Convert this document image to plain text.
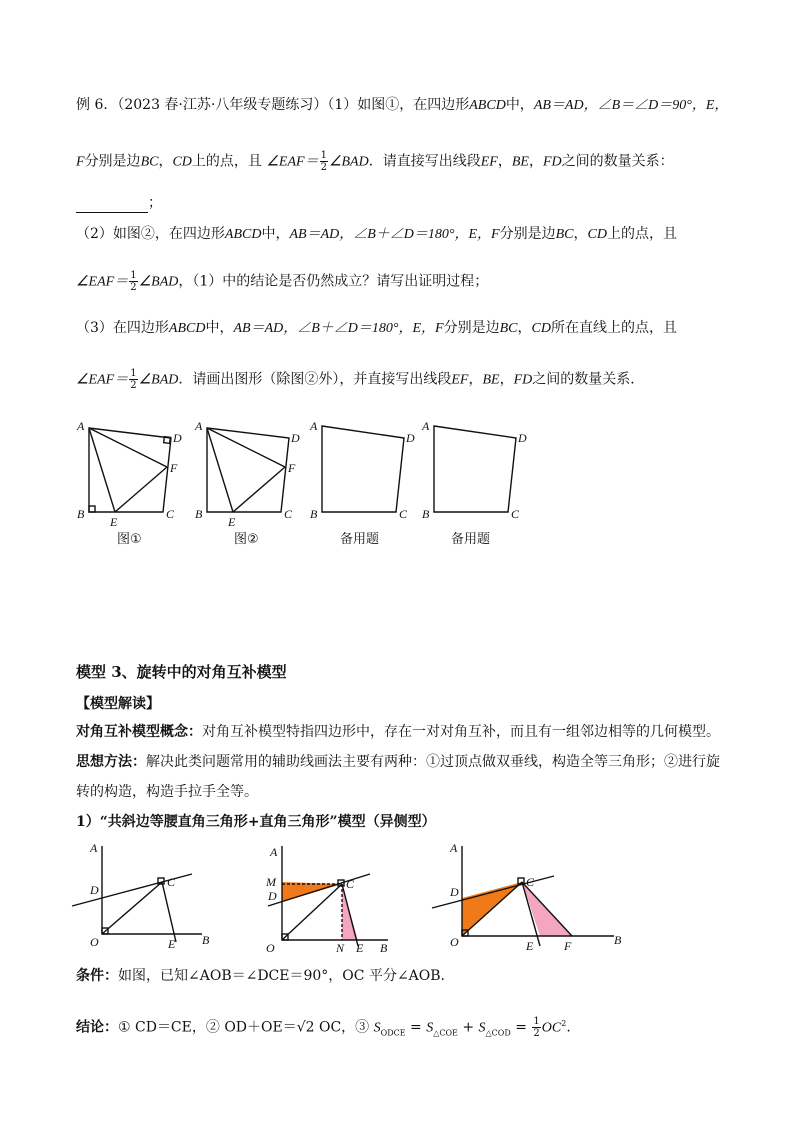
例 6．（2023 春·江苏·八年级专题练习）（1）如图①，在四边形ABCD中，AB＝AD，∠B＝∠D＝90°，E，
F分别是边BC，CD上的点，且 ∠EAF＝ $\frac{1}{2}$ ∠BAD．请直接写出线段EF，BE，FD之间的数量关系：
；
（2）如图②，在四边形ABCD中，AB＝AD，∠B＋∠D＝180°，E，F分别是边BC，CD上的点，且
∠EAF＝ $\frac{1}{2}$ ∠BAD，（1）中的结论是否仍然成立？请写出证明过程；
（3）在四边形ABCD中，AB＝AD，∠B＋∠D＝180°，E，F分别是边BC，CD所在直线上的点，且
∠EAF＝ $\frac{1}{2}$ ∠BAD．请画出图形（除图②外），并直接写出线段EF，BE，FD之间的数量关系．
A
D
F
B
E
C
图①
A
D
F
B
E
C
图②
A
D
B	C
备用题
A
D
B	C
备用题
模型 3、旋转中的对角互补模型
【模型解读】
对角互补模型概念：对角互补模型特指四边形中，存在一对对角互补，而且有一组邻边相等的几何模型。
思想方法：解决此类问题常用的辅助线画法主要有两种：①过顶点做双垂线，构造全等三角形；②进行旋
转的构造，构造手拉手全等。
1）“共斜边等腰直角三角形+直角三角形”模型（异侧型）
A
D
C
O	E B
A
M
D
C
O	N E B
A
D
C
O	E	F	B
条件：如图，已知∠AOB＝∠DCE＝90°，OC 平分∠AOB.
结论：① CD＝CE，② OD＋OE＝√2 OC，③ $S_{ODCE} = S_{\triangle COE} + S_{\triangle COD} = \frac{1}{2} OC^2$.
